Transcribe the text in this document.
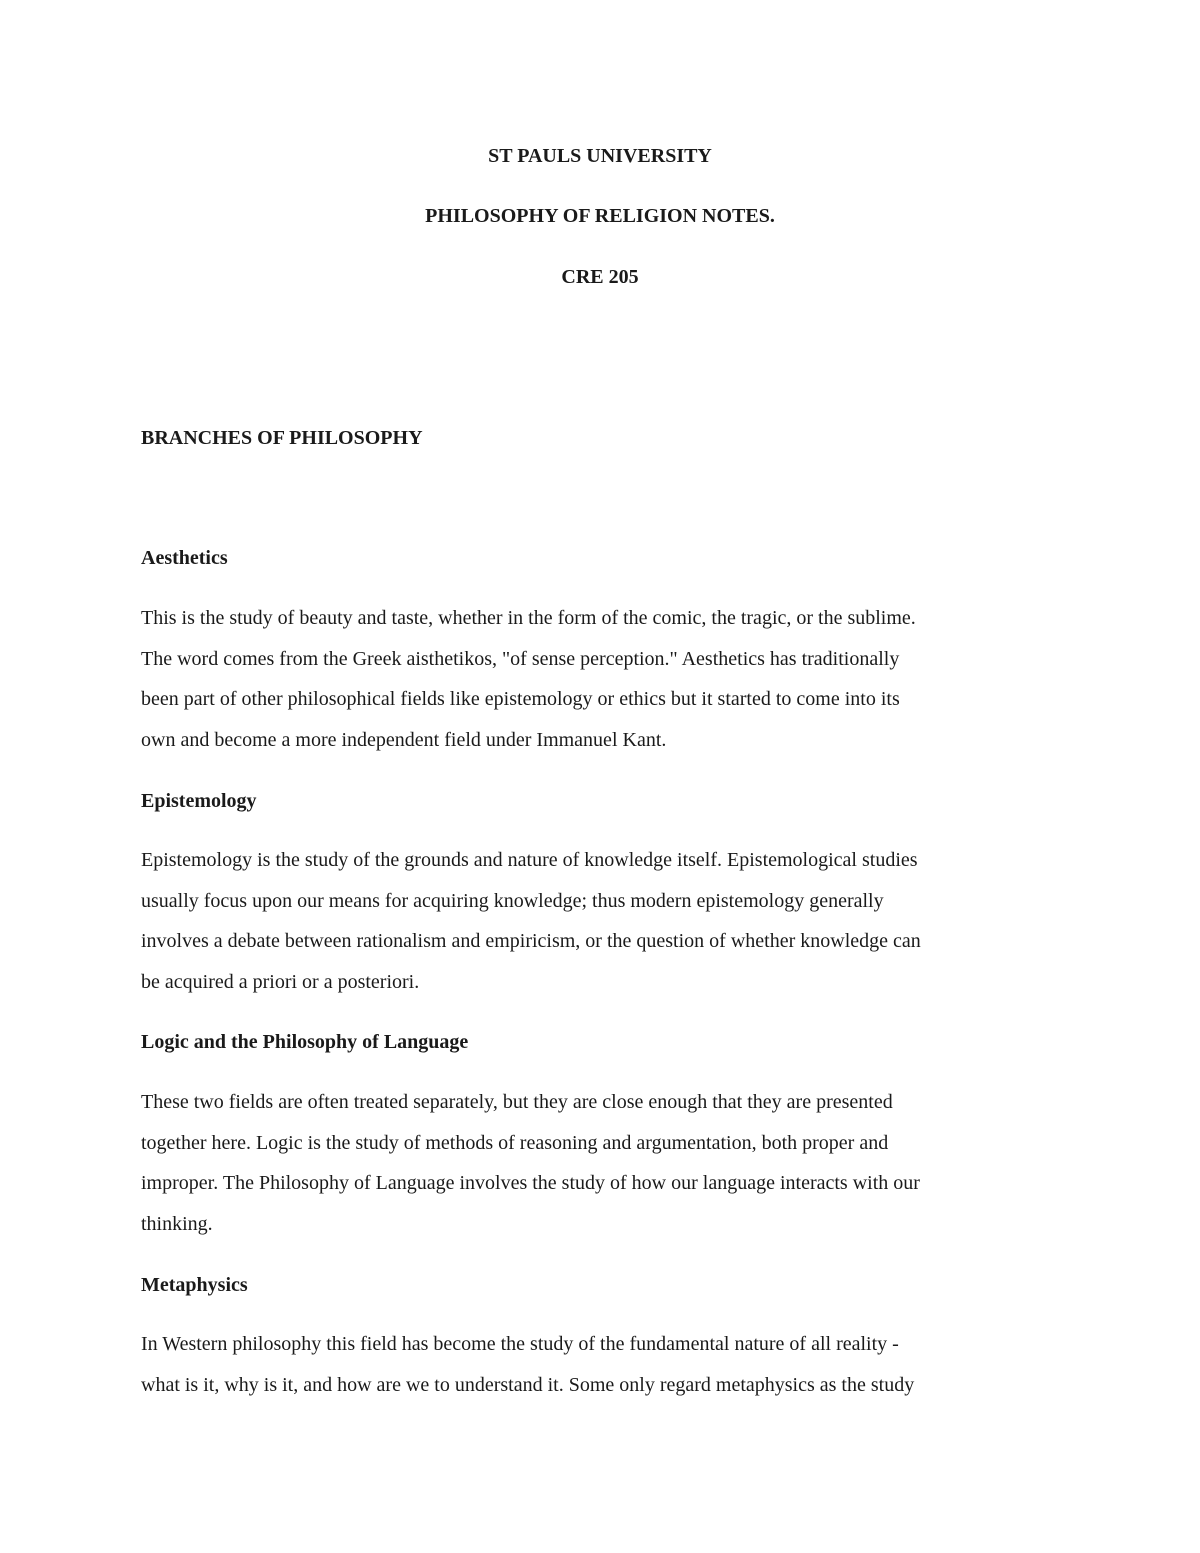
ST PAULS UNIVERSITY

PHILOSOPHY OF RELIGION NOTES.

CRE 205

BRANCHES OF PHILOSOPHY

Aesthetics

This is the study of beauty and taste, whether in the form of the comic, the tragic, or the sublime.
The word comes from the Greek aisthetikos, "of sense perception." Aesthetics has traditionally
been part of other philosophical fields like epistemology or ethics but it started to come into its
own and become a more independent field under Immanuel Kant.

Epistemology

Epistemology is the study of the grounds and nature of knowledge itself. Epistemological studies
usually focus upon our means for acquiring knowledge; thus modern epistemology generally
involves a debate between rationalism and empiricism, or the question of whether knowledge can
be acquired a priori or a posteriori.

Logic and the Philosophy of Language

These two fields are often treated separately, but they are close enough that they are presented
together here. Logic is the study of methods of reasoning and argumentation, both proper and
improper. The Philosophy of Language involves the study of how our language interacts with our
thinking.

Metaphysics

In Western philosophy this field has become the study of the fundamental nature of all reality -
what is it, why is it, and how are we to understand it. Some only regard metaphysics as the study
